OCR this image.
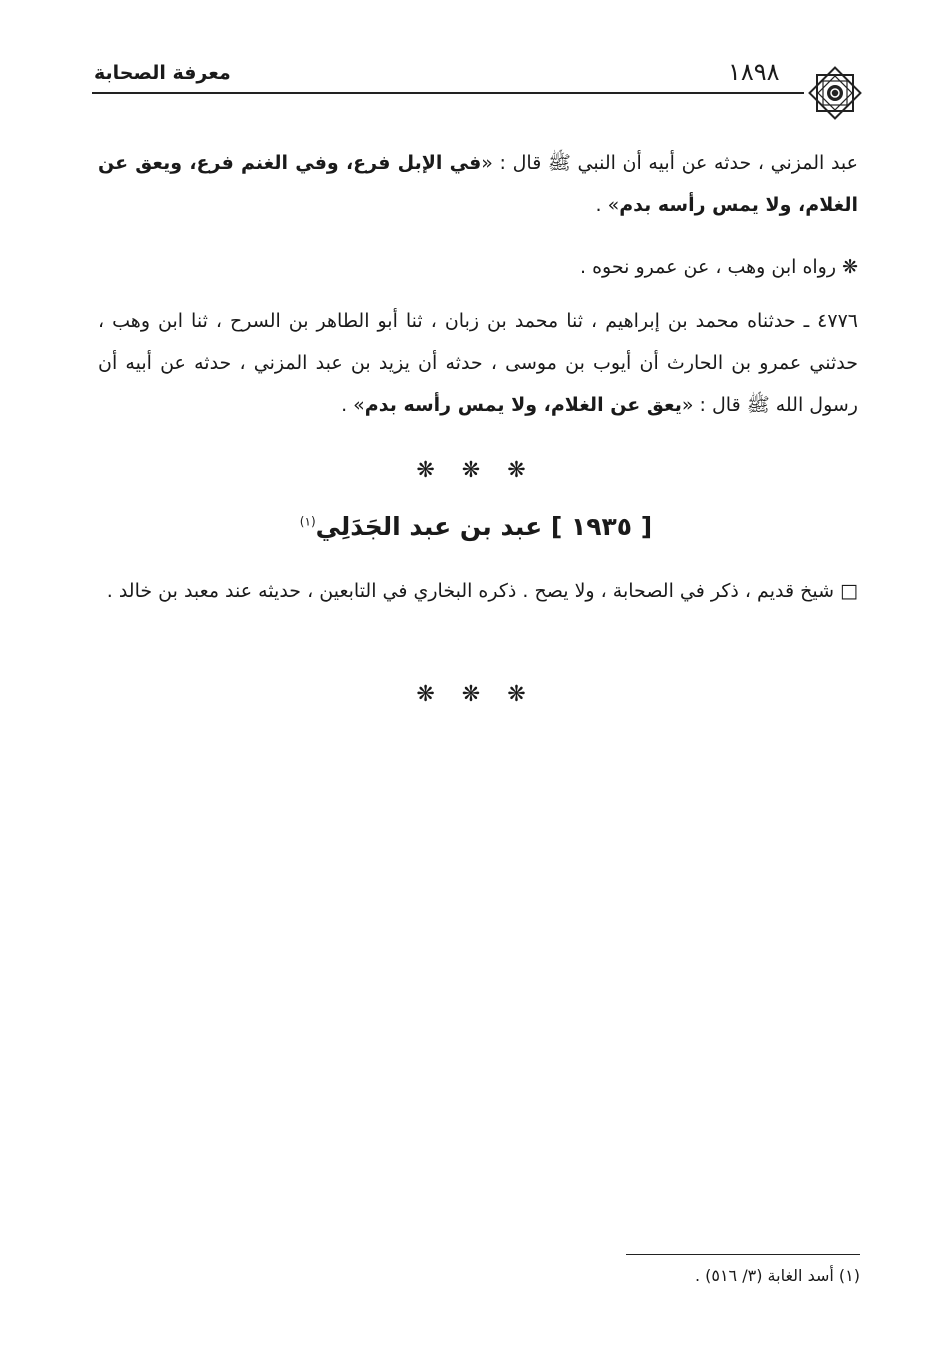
معرفة الصحابة	١٨٩٨
عبد المزني ، حدثه عن أبيه أن النبي ﷺ قال : «في الإبل فرع، وفي الغنم فرع، ويعق عن الغلام، ولا يمس رأسه بدم» .
❋ رواه ابن وهب ، عن عمرو نحوه .
٤٧٧٦ ـ حدثناه محمد بن إبراهيم ، ثنا محمد بن زبان ، ثنا أبو الطاهر بن السرح ، ثنا ابن وهب ، حدثني عمرو بن الحارث أن أيوب بن موسى ، حدثه أن يزيد بن عبد المزني ، حدثه عن أبيه أن رسول الله ﷺ قال : «يعق عن الغلام، ولا يمس رأسه بدم» .
❋ ❋ ❋
[ ١٩٣٥ ] عبد بن عبد الجَدَلِي$^{(١)}$
□ شيخ قديم ، ذكر في الصحابة ، ولا يصح . ذكره البخاري في التابعين ، حديثه عند معبد بن خالد .
❋ ❋ ❋
(١) أسد الغابة (٣/ ٥١٦) .
